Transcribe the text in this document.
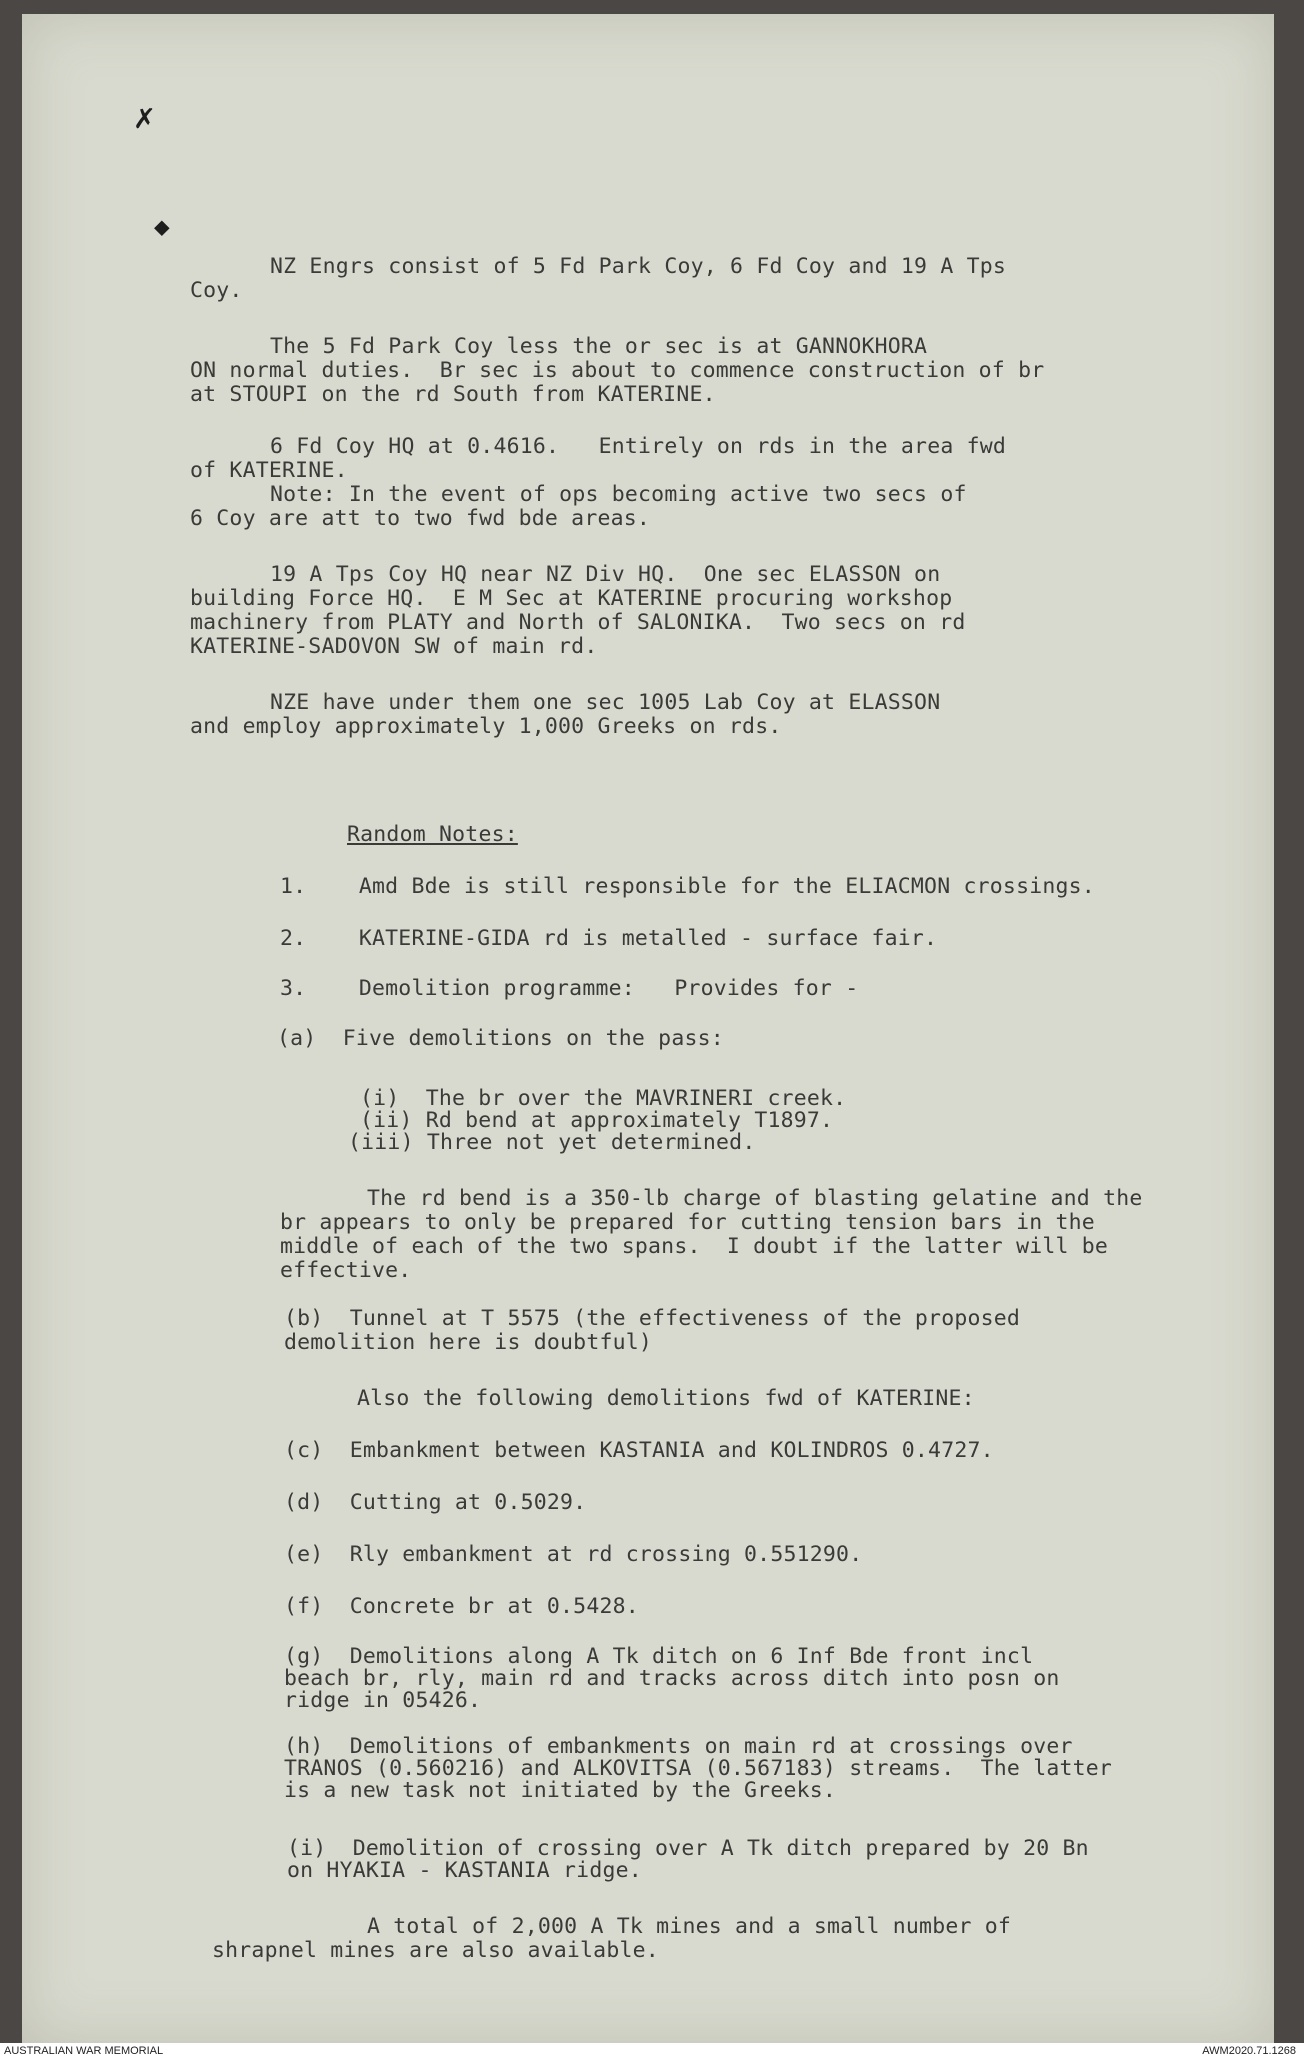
✗
◆

NZ Engrs consist of 5 Fd Park Coy, 6 Fd Coy and 19 A Tps

Coy.

The 5 Fd Park Coy less the or sec is at GANNOKHORA

ON normal duties.  Br sec is about to commence construction of br

at STOUPI on the rd South from KATERINE.

6 Fd Coy HQ at 0.4616.   Entirely on rds in the area fwd

of KATERINE.

Note: In the event of ops becoming active two secs of

6 Coy are att to two fwd bde areas.

19 A Tps Coy HQ near NZ Div HQ.  One sec ELASSON on

building Force HQ.  E M Sec at KATERINE procuring workshop

machinery from PLATY and North of SALONIKA.  Two secs on rd

KATERINE-SADOVON SW of main rd.

NZE have under them one sec 1005 Lab Coy at ELASSON

and employ approximately 1,000 Greeks on rds.

Random Notes:

1.    Amd Bde is still responsible for the ELIACMON crossings.

2.    KATERINE-GIDA rd is metalled - surface fair.

3.    Demolition programme:   Provides for -

(a)  Five demolitions on the pass:

(i)  The br over the MAVRINERI creek.

(ii) Rd bend at approximately T1897.

(iii) Three not yet determined.

The rd bend is a 350-lb charge of blasting gelatine and the

br appears to only be prepared for cutting tension bars in the

middle of each of the two spans.  I doubt if the latter will be

effective.

(b)  Tunnel at T 5575 (the effectiveness of the proposed

demolition here is doubtful)

Also the following demolitions fwd of KATERINE:

(c)  Embankment between KASTANIA and KOLINDROS 0.4727.

(d)  Cutting at 0.5029.

(e)  Rly embankment at rd crossing 0.551290.

(f)  Concrete br at 0.5428.

(g)  Demolitions along A Tk ditch on 6 Inf Bde front incl

beach br, rly, main rd and tracks across ditch into posn on

ridge in 05426.

(h)  Demolitions of embankments on main rd at crossings over

TRANOS (0.560216) and ALKOVITSA (0.567183) streams.  The latter

is a new task not initiated by the Greeks.

(i)  Demolition of crossing over A Tk ditch prepared by 20 Bn

on HYAKIA - KASTANIA ridge.

A total of 2,000 A Tk mines and a small number of

shrapnel mines are also available.

AUSTRALIAN WAR MEMORIAL	AWM2020.71.1268
